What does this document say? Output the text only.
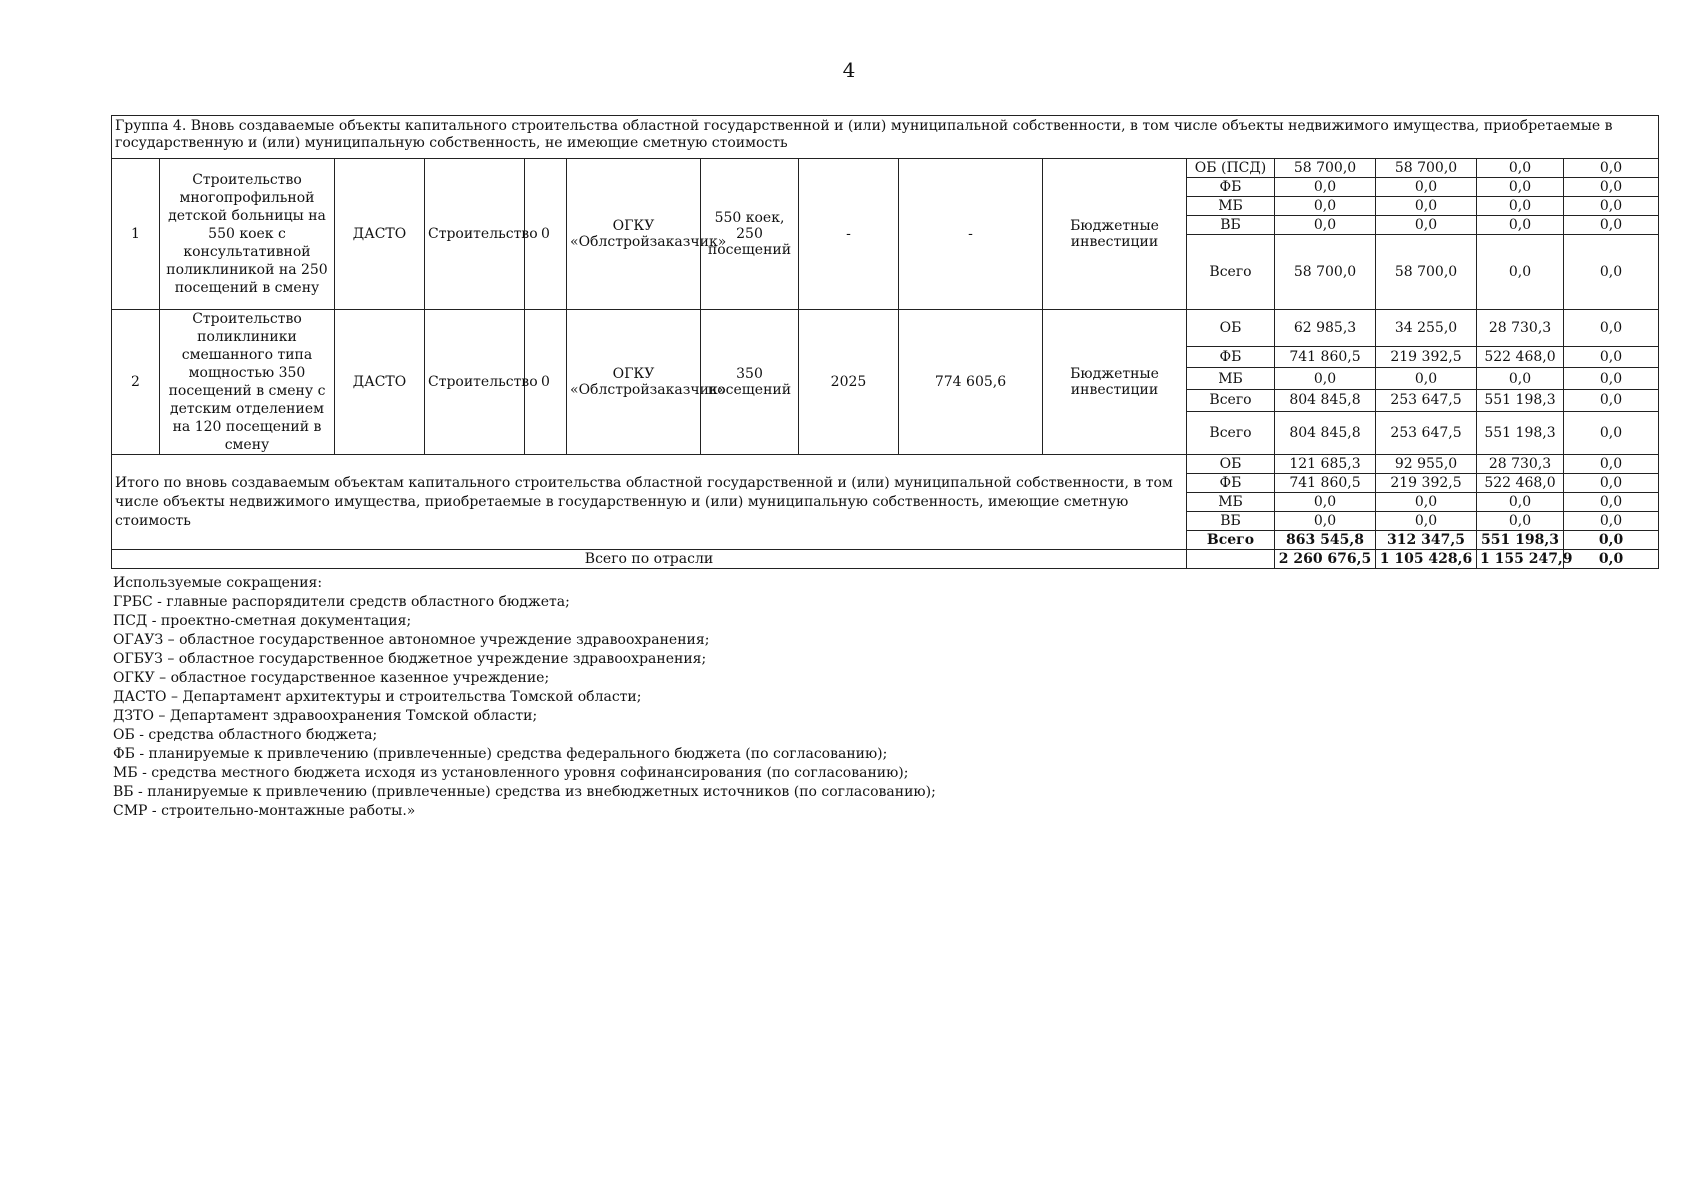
4
Группа 4. Вновь создаваемые объекты капитального строительства областной государственной и (или) муниципальной собственности, в том числе объекты недвижимого имущества, приобретаемые в государственную и (или) муниципальную собственность, не имеющие сметную стоимость														
1	Строительство многопрофильной детской больницы на 550 коек с консультативной поликлиникой на 250 посещений в смену	ДАСТО	Строительство	0	ОГКУ «Облстройзаказчик»	550 коек, 250 посещений	-	-	Бюджетные инвестиции	ОБ (ПСД)	58 700,0	58 700,0	0,0	0,0
										ФБ	0,0	0,0	0,0	0,0
										МБ	0,0	0,0	0,0	0,0
										ВБ	0,0	0,0	0,0	0,0
										Всего	58 700,0	58 700,0	0,0	0,0
2	Строительство поликлиники смешанного типа мощностью 350 посещений в смену с детским отделением на 120 посещений в смену	ДАСТО	Строительство	0	ОГКУ «Облстройзаказчик»	350 посещений	2025	774 605,6	Бюджетные инвестиции	ОБ	62 985,3	34 255,0	28 730,3	0,0
										ФБ	741 860,5	219 392,5	522 468,0	0,0
										МБ	0,0	0,0	0,0	0,0
										Всего	804 845,8	253 647,5	551 198,3	0,0
										Всего	804 845,8	253 647,5	551 198,3	0,0
Итого по вновь создаваемым объектам капитального строительства областной государственной и (или) муниципальной собственности, в том числе объекты недвижимого имущества, приобретаемые в государственную и (или) муниципальную собственность, имеющие сметную стоимость										ОБ	121 685,3	92 955,0	28 730,3	0,0
										ФБ	741 860,5	219 392,5	522 468,0	0,0
										МБ	0,0	0,0	0,0	0,0
										ВБ	0,0	0,0	0,0	0,0
										Всего	863 545,8	312 347,5	551 198,3	0,0
Всего по отрасли											2 260 676,5	1 105 428,6	1 155 247,9	0,0
Используемые сокращения:
ГРБС - главные распорядители средств областного бюджета;
ПСД - проектно-сметная документация;
ОГАУЗ – областное государственное автономное учреждение здравоохранения;
ОГБУЗ – областное государственное бюджетное учреждение здравоохранения;
ОГКУ – областное государственное казенное учреждение;
ДАСТО – Департамент архитектуры и строительства Томской области;
ДЗТО – Департамент здравоохранения Томской области;
ОБ - средства областного бюджета;
ФБ - планируемые к привлечению (привлеченные) средства федерального бюджета (по согласованию);
МБ - средства местного бюджета исходя из установленного уровня софинансирования (по согласованию);
ВБ - планируемые к привлечению (привлеченные) средства из внебюджетных источников (по согласованию);
СМР - строительно-монтажные работы.»
